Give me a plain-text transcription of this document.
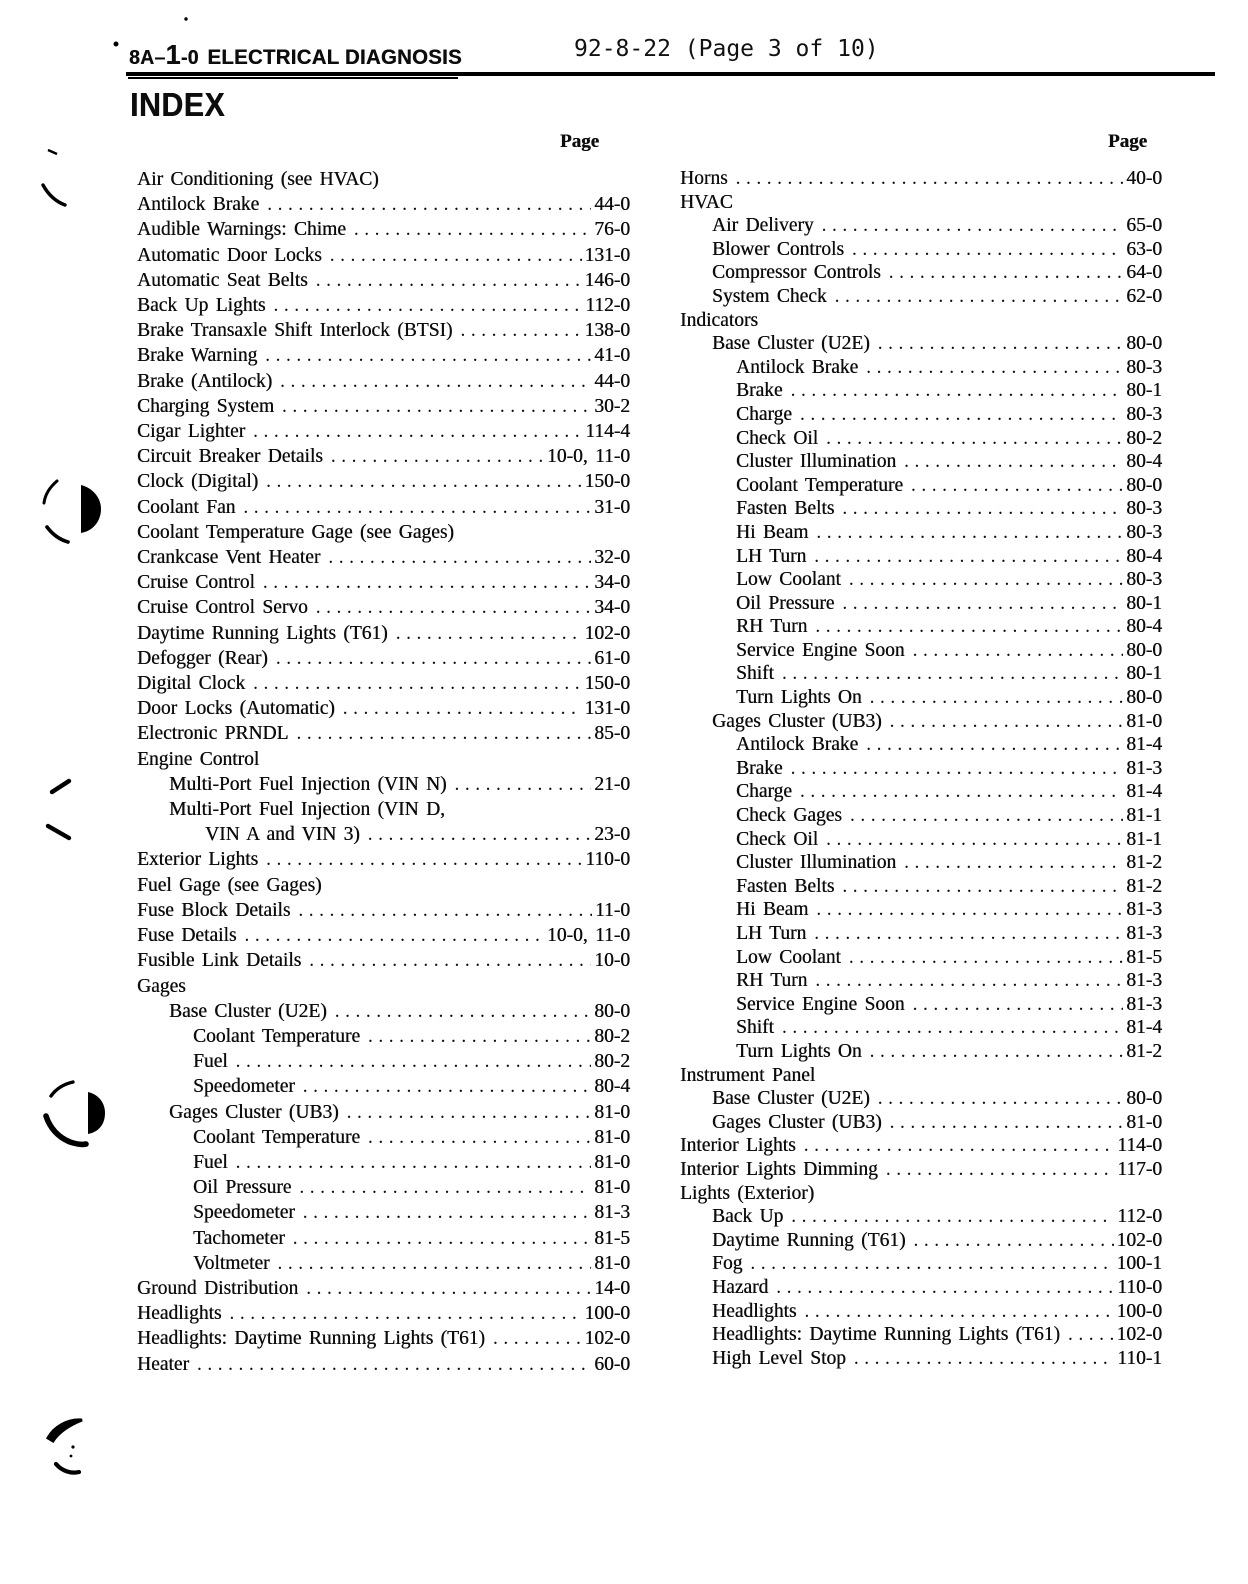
8A– 1 -0 ELECTRICAL DIAGNOSIS	92-8-22 (Page 3 of 10)
INDEX
Page	Page
Air Conditioning (see HVAC)
Antilock Brake .....	44-0
Audible Warnings: Chime .....	76-0
Automatic Door Locks .....	131-0
Automatic Seat Belts .....	146-0
Back Up Lights .....	112-0
Brake Transaxle Shift Interlock (BTSI) .....	138-0
Brake Warning .....	41-0
Brake (Antilock) .....	44-0
Charging System .....	30-2
Cigar Lighter .....	114-4
Circuit Breaker Details .....	10-0, 11-0
Clock (Digital) .....	150-0
Coolant Fan .....	31-0
Coolant Temperature Gage (see Gages)
Crankcase Vent Heater .....	32-0
Cruise Control .....	34-0
Cruise Control Servo .....	34-0
Daytime Running Lights (T61) .....	102-0
Defogger (Rear) .....	61-0
Digital Clock .....	150-0
Door Locks (Automatic) .....	131-0
Electronic PRNDL .....	85-0
Engine Control
Multi-Port Fuel Injection (VIN N) .....	21-0
Multi-Port Fuel Injection (VIN D,
VIN A and VIN 3) .....	23-0
Exterior Lights .....	110-0
Fuel Gage (see Gages)
Fuse Block Details .....	11-0
Fuse Details .....	10-0, 11-0
Fusible Link Details .....	10-0
Gages
Base Cluster (U2E) .....	80-0
Coolant Temperature .....	80-2
Fuel .....	80-2
Speedometer .....	80-4
Gages Cluster (UB3) .....	81-0
Coolant Temperature .....	81-0
Fuel .....	81-0
Oil Pressure .....	81-0
Speedometer .....	81-3
Tachometer .....	81-5
Voltmeter .....	81-0
Ground Distribution .....	14-0
Headlights .....	100-0
Headlights: Daytime Running Lights (T61) .....	102-0
Heater .....	60-0
Horns .....	40-0
HVAC
Air Delivery .....	65-0
Blower Controls .....	63-0
Compressor Controls .....	64-0
System Check .....	62-0
Indicators
Base Cluster (U2E) .....	80-0
Antilock Brake .....	80-3
Brake .....	80-1
Charge .....	80-3
Check Oil .....	80-2
Cluster Illumination .....	80-4
Coolant Temperature .....	80-0
Fasten Belts .....	80-3
Hi Beam .....	80-3
LH Turn .....	80-4
Low Coolant .....	80-3
Oil Pressure .....	80-1
RH Turn .....	80-4
Service Engine Soon .....	80-0
Shift .....	80-1
Turn Lights On .....	80-0
Gages Cluster (UB3) .....	81-0
Antilock Brake .....	81-4
Brake .....	81-3
Charge .....	81-4
Check Gages .....	81-1
Check Oil .....	81-1
Cluster Illumination .....	81-2
Fasten Belts .....	81-2
Hi Beam .....	81-3
LH Turn .....	81-3
Low Coolant .....	81-5
RH Turn .....	81-3
Service Engine Soon .....	81-3
Shift .....	81-4
Turn Lights On .....	81-2
Instrument Panel
Base Cluster (U2E) .....	80-0
Gages Cluster (UB3) .....	81-0
Interior Lights .....	114-0
Interior Lights Dimming .....	117-0
Lights (Exterior)
Back Up .....	112-0
Daytime Running (T61) .....	102-0
Fog .....	100-1
Hazard .....	110-0
Headlights .....	100-0
Headlights: Daytime Running Lights (T61) .....	102-0
High Level Stop .....	110-1
